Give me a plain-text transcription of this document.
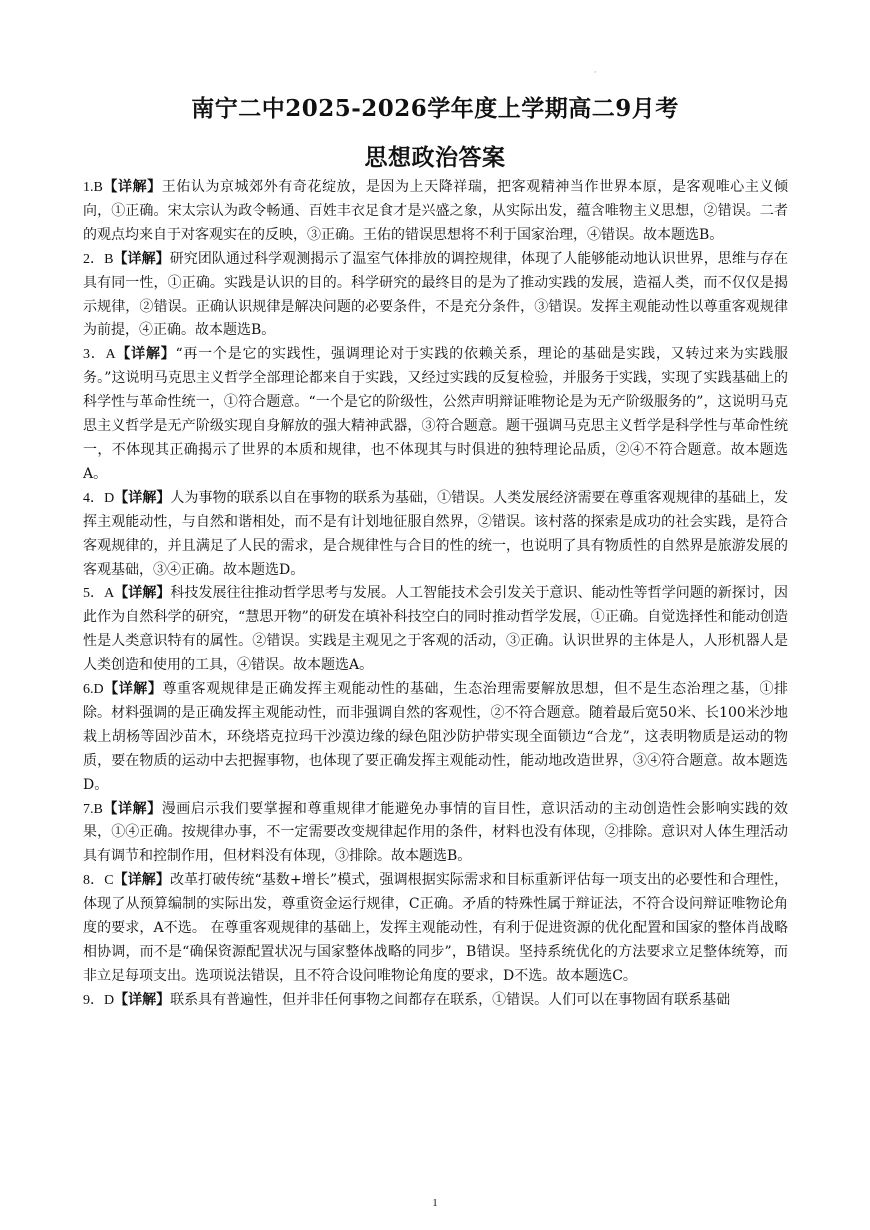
·
南宁二中2025-2026学年度上学期高二9月考
思想政治答案

1.B【详解】王佑认为京城郊外有奇花绽放，是因为上天降祥瑞，把客观精神当作世界本原，是客观唯心主义倾向，①正确。宋太宗认为政令畅通、百姓丰衣足食才是兴盛之象，从实际出发，蕴含唯物主义思想，②错误。二者的观点均来自于对客观实在的反映，③正确。王佑的错误思想将不利于国家治理，④错误。故本题选B。

2．B【详解】研究团队通过科学观测揭示了温室气体排放的调控规律，体现了人能够能动地认识世界，思维与存在具有同一性，①正确。实践是认识的目的。科学研究的最终目的是为了推动实践的发展，造福人类，而不仅仅是揭示规律，②错误。正确认识规律是解决问题的必要条件，不是充分条件，③错误。发挥主观能动性以尊重客观规律为前提，④正确。故本题选B。

3．A【详解】“再一个是它的实践性，强调理论对于实践的依赖关系，理论的基础是实践，又转过来为实践服务。”这说明马克思主义哲学全部理论都来自于实践，又经过实践的反复检验，并服务于实践，实现了实践基础上的科学性与革命性统一，①符合题意。“一个是它的阶级性，公然声明辩证唯物论是为无产阶级服务的”，这说明马克思主义哲学是无产阶级实现自身解放的强大精神武器，③符合题意。题干强调马克思主义哲学是科学性与革命性统一，不体现其正确揭示了世界的本质和规律，也不体现其与时俱进的独特理论品质，②④不符合题意。故本题选A。

4．D【详解】人为事物的联系以自在事物的联系为基础，①错误。人类发展经济需要在尊重客观规律的基础上，发挥主观能动性，与自然和谐相处，而不是有计划地征服自然界，②错误。该村落的探索是成功的社会实践，是符合客观规律的，并且满足了人民的需求，是合规律性与合目的性的统一，也说明了具有物质性的自然界是旅游发展的客观基础，③④正确。故本题选D。

5．A【详解】科技发展往往推动哲学思考与发展。人工智能技术会引发关于意识、能动性等哲学问题的新探讨，因此作为自然科学的研究，“慧思开物”的研发在填补科技空白的同时推动哲学发展，①正确。自觉选择性和能动创造性是人类意识特有的属性。②错误。实践是主观见之于客观的活动，③正确。认识世界的主体是人，人形机器人是人类创造和使用的工具，④错误。故本题选A。

6.D【详解】尊重客观规律是正确发挥主观能动性的基础，生态治理需要解放思想，但不是生态治理之基，①排除。材料强调的是正确发挥主观能动性，而非强调自然的客观性，②不符合题意。随着最后宽50米、长100米沙地栽上胡杨等固沙苗木，环绕塔克拉玛干沙漠边缘的绿色阻沙防护带实现全面锁边“合龙”，这表明物质是运动的物质，要在物质的运动中去把握事物，也体现了要正确发挥主观能动性，能动地改造世界，③④符合题意。故本题选D。

7.B【详解】漫画启示我们要掌握和尊重规律才能避免办事情的盲目性，意识活动的主动创造性会影响实践的效果，①④正确。按规律办事，不一定需要改变规律起作用的条件，材料也没有体现，②排除。意识对人体生理活动具有调节和控制作用，但材料没有体现，③排除。故本题选B。

8．C【详解】改革打破传统“基数+增长”模式，强调根据实际需求和目标重新评估每一项支出的必要性和合理性，体现了从预算编制的实际出发，尊重资金运行规律，C正确。矛盾的特殊性属于辩证法，不符合设问辩证唯物论角度的要求，A不选。 在尊重客观规律的基础上，发挥主观能动性，有利于促进资源的优化配置和国家的整体肖战略相协调，而不是“确保资源配置状况与国家整体战略的同步”，B错误。坚持系统优化的方法要求立足整体统筹，而非立足每项支出。选项说法错误，且不符合设问唯物论角度的要求，D不选。故本题选C。

9．D【详解】联系具有普遍性，但并非任何事物之间都存在联系，①错误。人们可以在事物固有联系基础

1
